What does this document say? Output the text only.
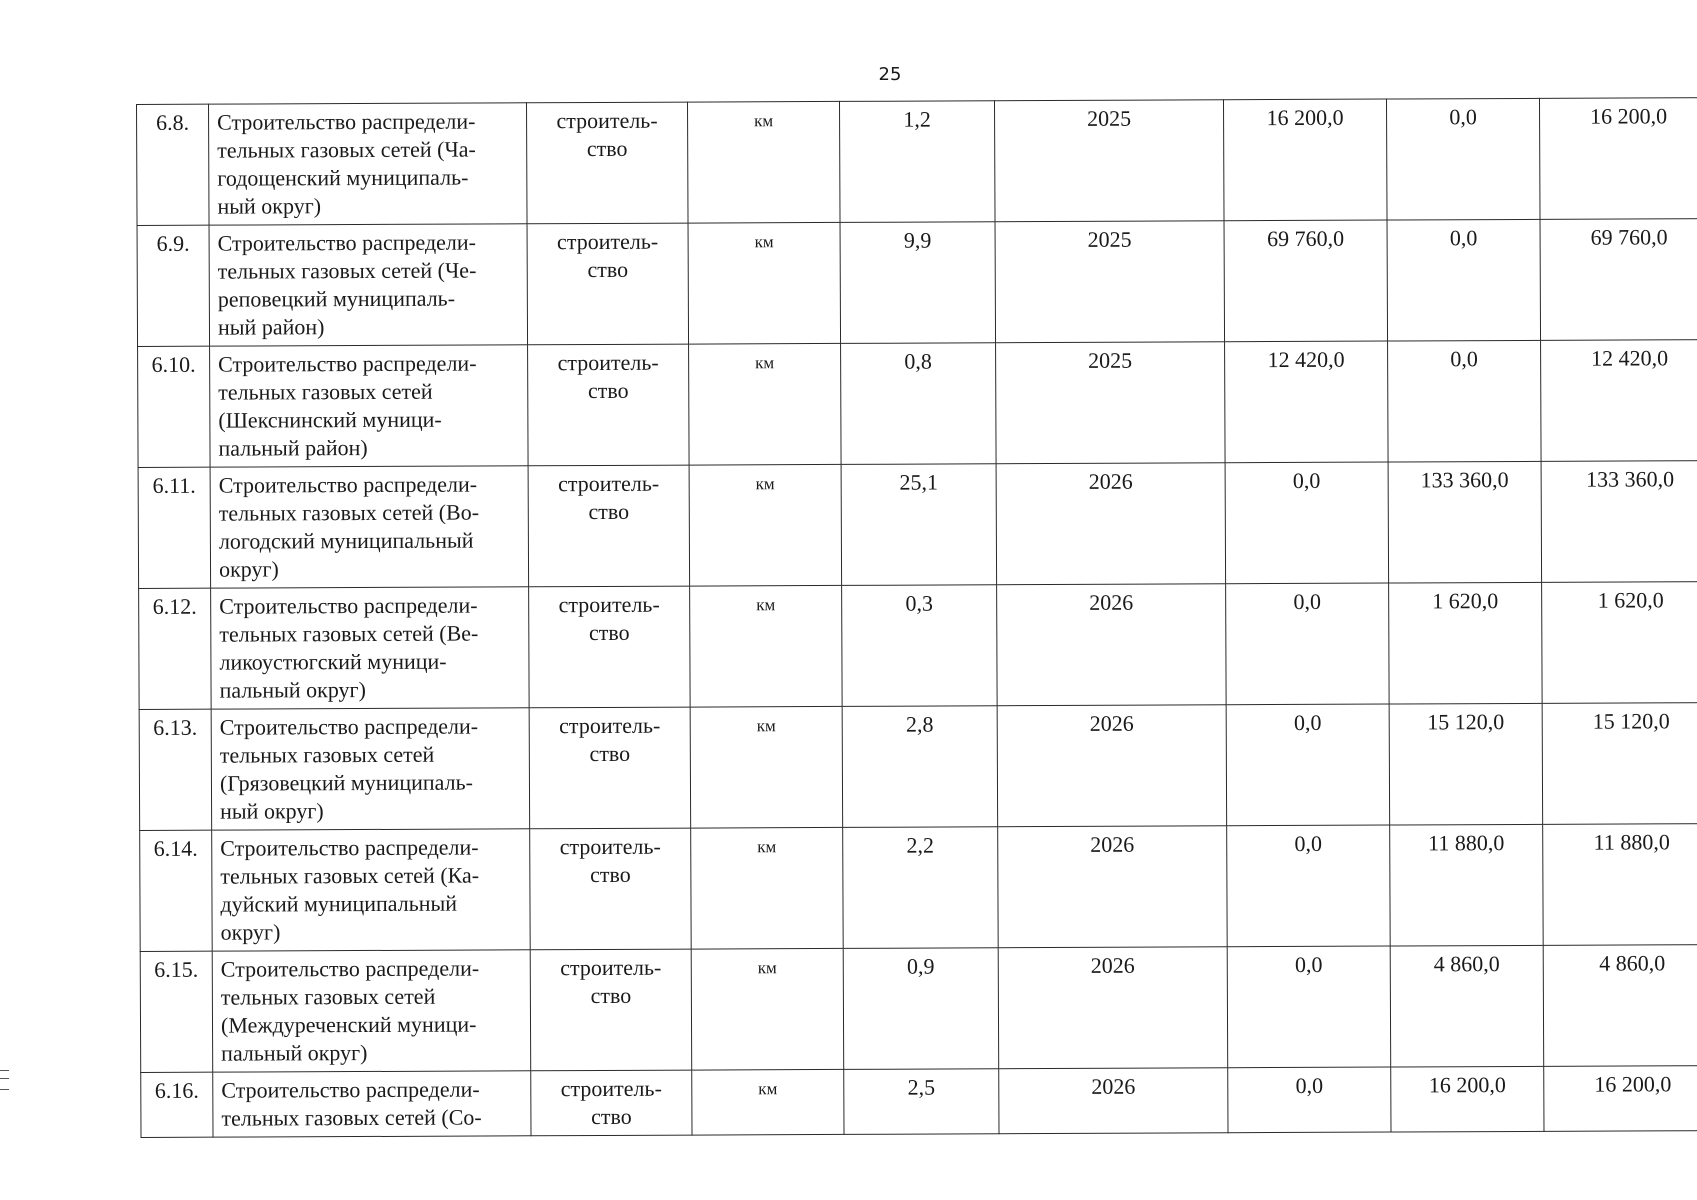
25
6.8.	Строительство распредели-
тельных газовых сетей (Ча-
годощенский муниципаль-
ный округ)	строитель-
ство	км	1,2	2025	16 200,0	0,0	16 200,0
6.9.	Строительство распредели-
тельных газовых сетей (Че-
реповецкий муниципаль-
ный район)	строитель-
ство	км	9,9	2025	69 760,0	0,0	69 760,0
6.10.	Строительство распредели-
тельных газовых сетей
(Шекснинский муници-
пальный район)	строитель-
ство	км	0,8	2025	12 420,0	0,0	12 420,0
6.11.	Строительство распредели-
тельных газовых сетей (Во-
логодский муниципальный
округ)	строитель-
ство	км	25,1	2026	0,0	133 360,0	133 360,0
6.12.	Строительство распредели-
тельных газовых сетей (Ве-
ликоустюгский муници-
пальный округ)	строитель-
ство	км	0,3	2026	0,0	1 620,0	1 620,0
6.13.	Строительство распредели-
тельных газовых сетей
(Грязовецкий муниципаль-
ный округ)	строитель-
ство	км	2,8	2026	0,0	15 120,0	15 120,0
6.14.	Строительство распредели-
тельных газовых сетей (Ка-
дуйский муниципальный
округ)	строитель-
ство	км	2,2	2026	0,0	11 880,0	11 880,0
6.15.	Строительство распредели-
тельных газовых сетей
(Междуреченский муници-
пальный округ)	строитель-
ство	км	0,9	2026	0,0	4 860,0	4 860,0
6.16.	Строительство распредели-
тельных газовых сетей (Со-	строитель-
ство	км	2,5	2026	0,0	16 200,0	16 200,0
